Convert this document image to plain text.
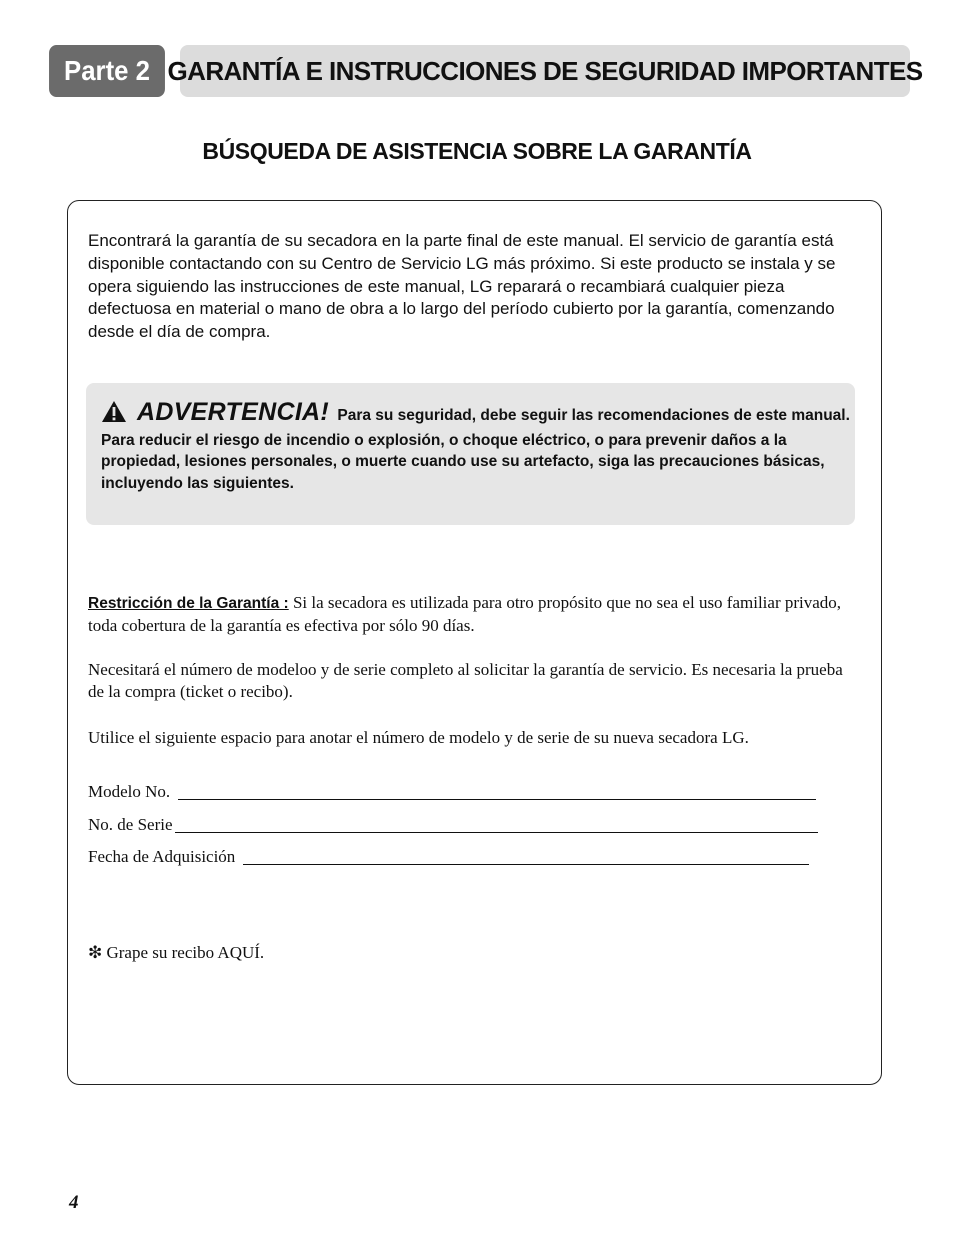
Parte 2 GARANTÍA E INSTRUCCIONES DE SEGURIDAD IMPORTANTES
BÚSQUEDA DE ASISTENCIA SOBRE LA GARANTÍA

Encontrará la garantía de su secadora en la parte final de este manual. El servicio de garantía está disponible contactando con su Centro de Servicio LG más próximo. Si este producto se instala y se opera siguiendo las instrucciones de este manual, LG reparará o recambiará cualquier pieza defectuosa en material o mano de obra a lo largo del período cubierto por la garantía, comenzando desde el día de compra.

ADVERTENCIA! Para su seguridad, debe seguir las recomendaciones de este manual. Para reducir el riesgo de incendio o explosión, o choque eléctrico, o para prevenir daños a la propiedad, lesiones personales, o muerte cuando use su artefacto, siga las precauciones básicas, incluyendo las siguientes.

Restricción de la Garantía : Si la secadora es utilizada para otro propósito que no sea el uso familiar privado, toda cobertura de la garantía es efectiva por sólo 90 días.

Necesitará el número de modeloo y de serie completo al solicitar la garantía de servicio. Es necesaria la prueba de la compra (ticket o recibo).

Utilice el siguiente espacio para anotar el número de modelo y de serie de su nueva secadora LG.

Modelo No.
No. de Serie
Fecha de Adquisición

❇ Grape su recibo AQUÍ.

4
